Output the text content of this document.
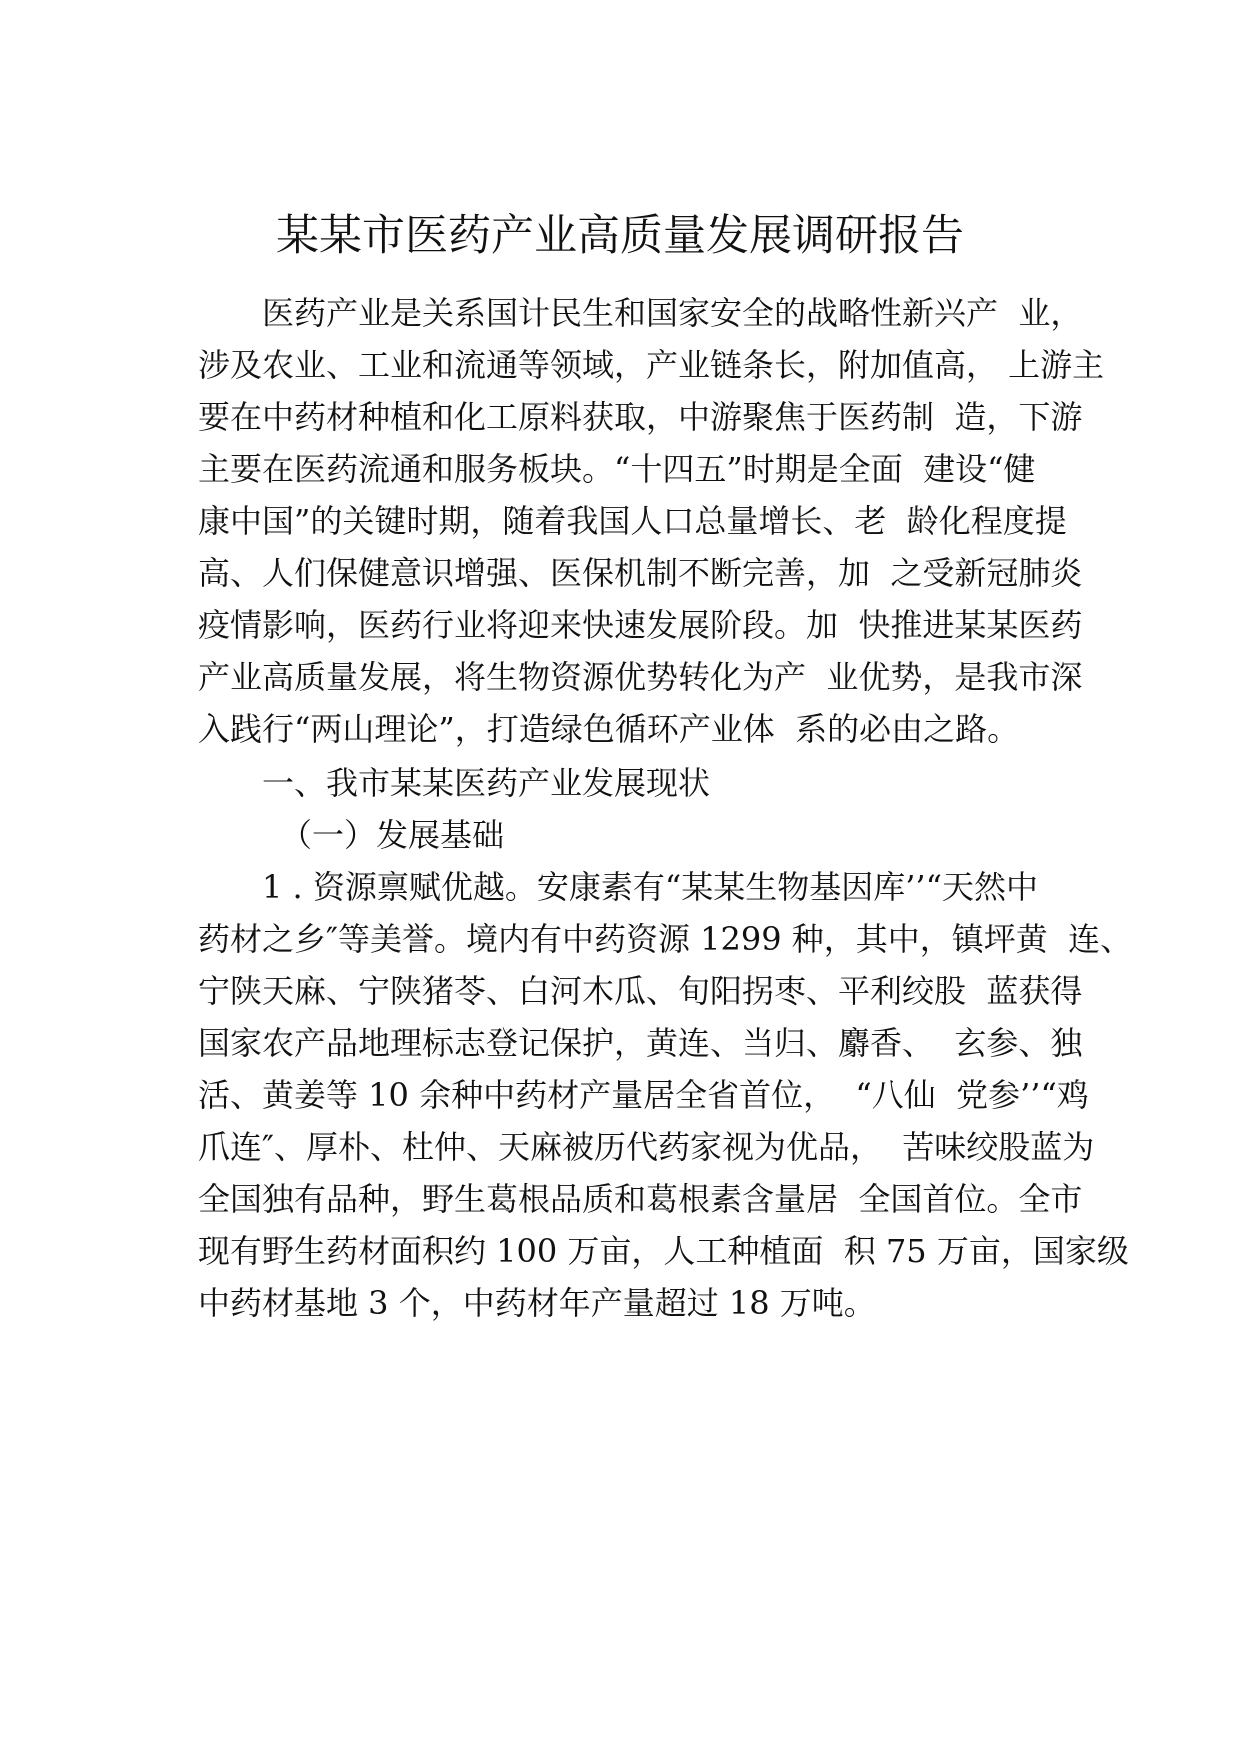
某某市医药产业高质量发展调研报告
医药产业是关系国计民生和国家安全的战略性新兴产  业，
涉及农业、工业和流通等领域，产业链条长，附加值高， 上游主
要在中药材种植和化工原料获取，中游聚焦于医药制  造，下游
主要在医药流通和服务板块。“十四五”时期是全面  建设“健
康中国”的关键时期，随着我国人口总量增长、老  龄化程度提
高、人们保健意识增强、医保机制不断完善，加  之受新冠肺炎
疫情影响，医药行业将迎来快速发展阶段。加  快推进某某医药
产业高质量发展，将生物资源优势转化为产  业优势，是我市深
入践行“两山理论”，打造绿色循环产业体  系的必由之路。
一、我市某某医药产业发展现状
（一）发展基础
1 . 资源禀赋优越。安康素有“某某生物基因库’’“天然中
药材之乡″等美誉。境内有中药资源 1299 种，其中，镇坪黄  连、
宁陕天麻、宁陕猪苓、白河木瓜、旬阳拐枣、平利绞股  蓝获得
国家农产品地理标志登记保护，黄连、当归、麝香、  玄参、独
活、黄姜等 10 余种中药材产量居全省首位，  “八仙  党参’’“鸡
爪连″、厚朴、杜仲、天麻被历代药家视为优品，  苦味绞股蓝为
全国独有品种，野生葛根品质和葛根素含量居  全国首位。全市
现有野生药材面积约 100 万亩，人工种植面  积 75 万亩，国家级
中药材基地 3 个，中药材年产量超过 18 万吨。
